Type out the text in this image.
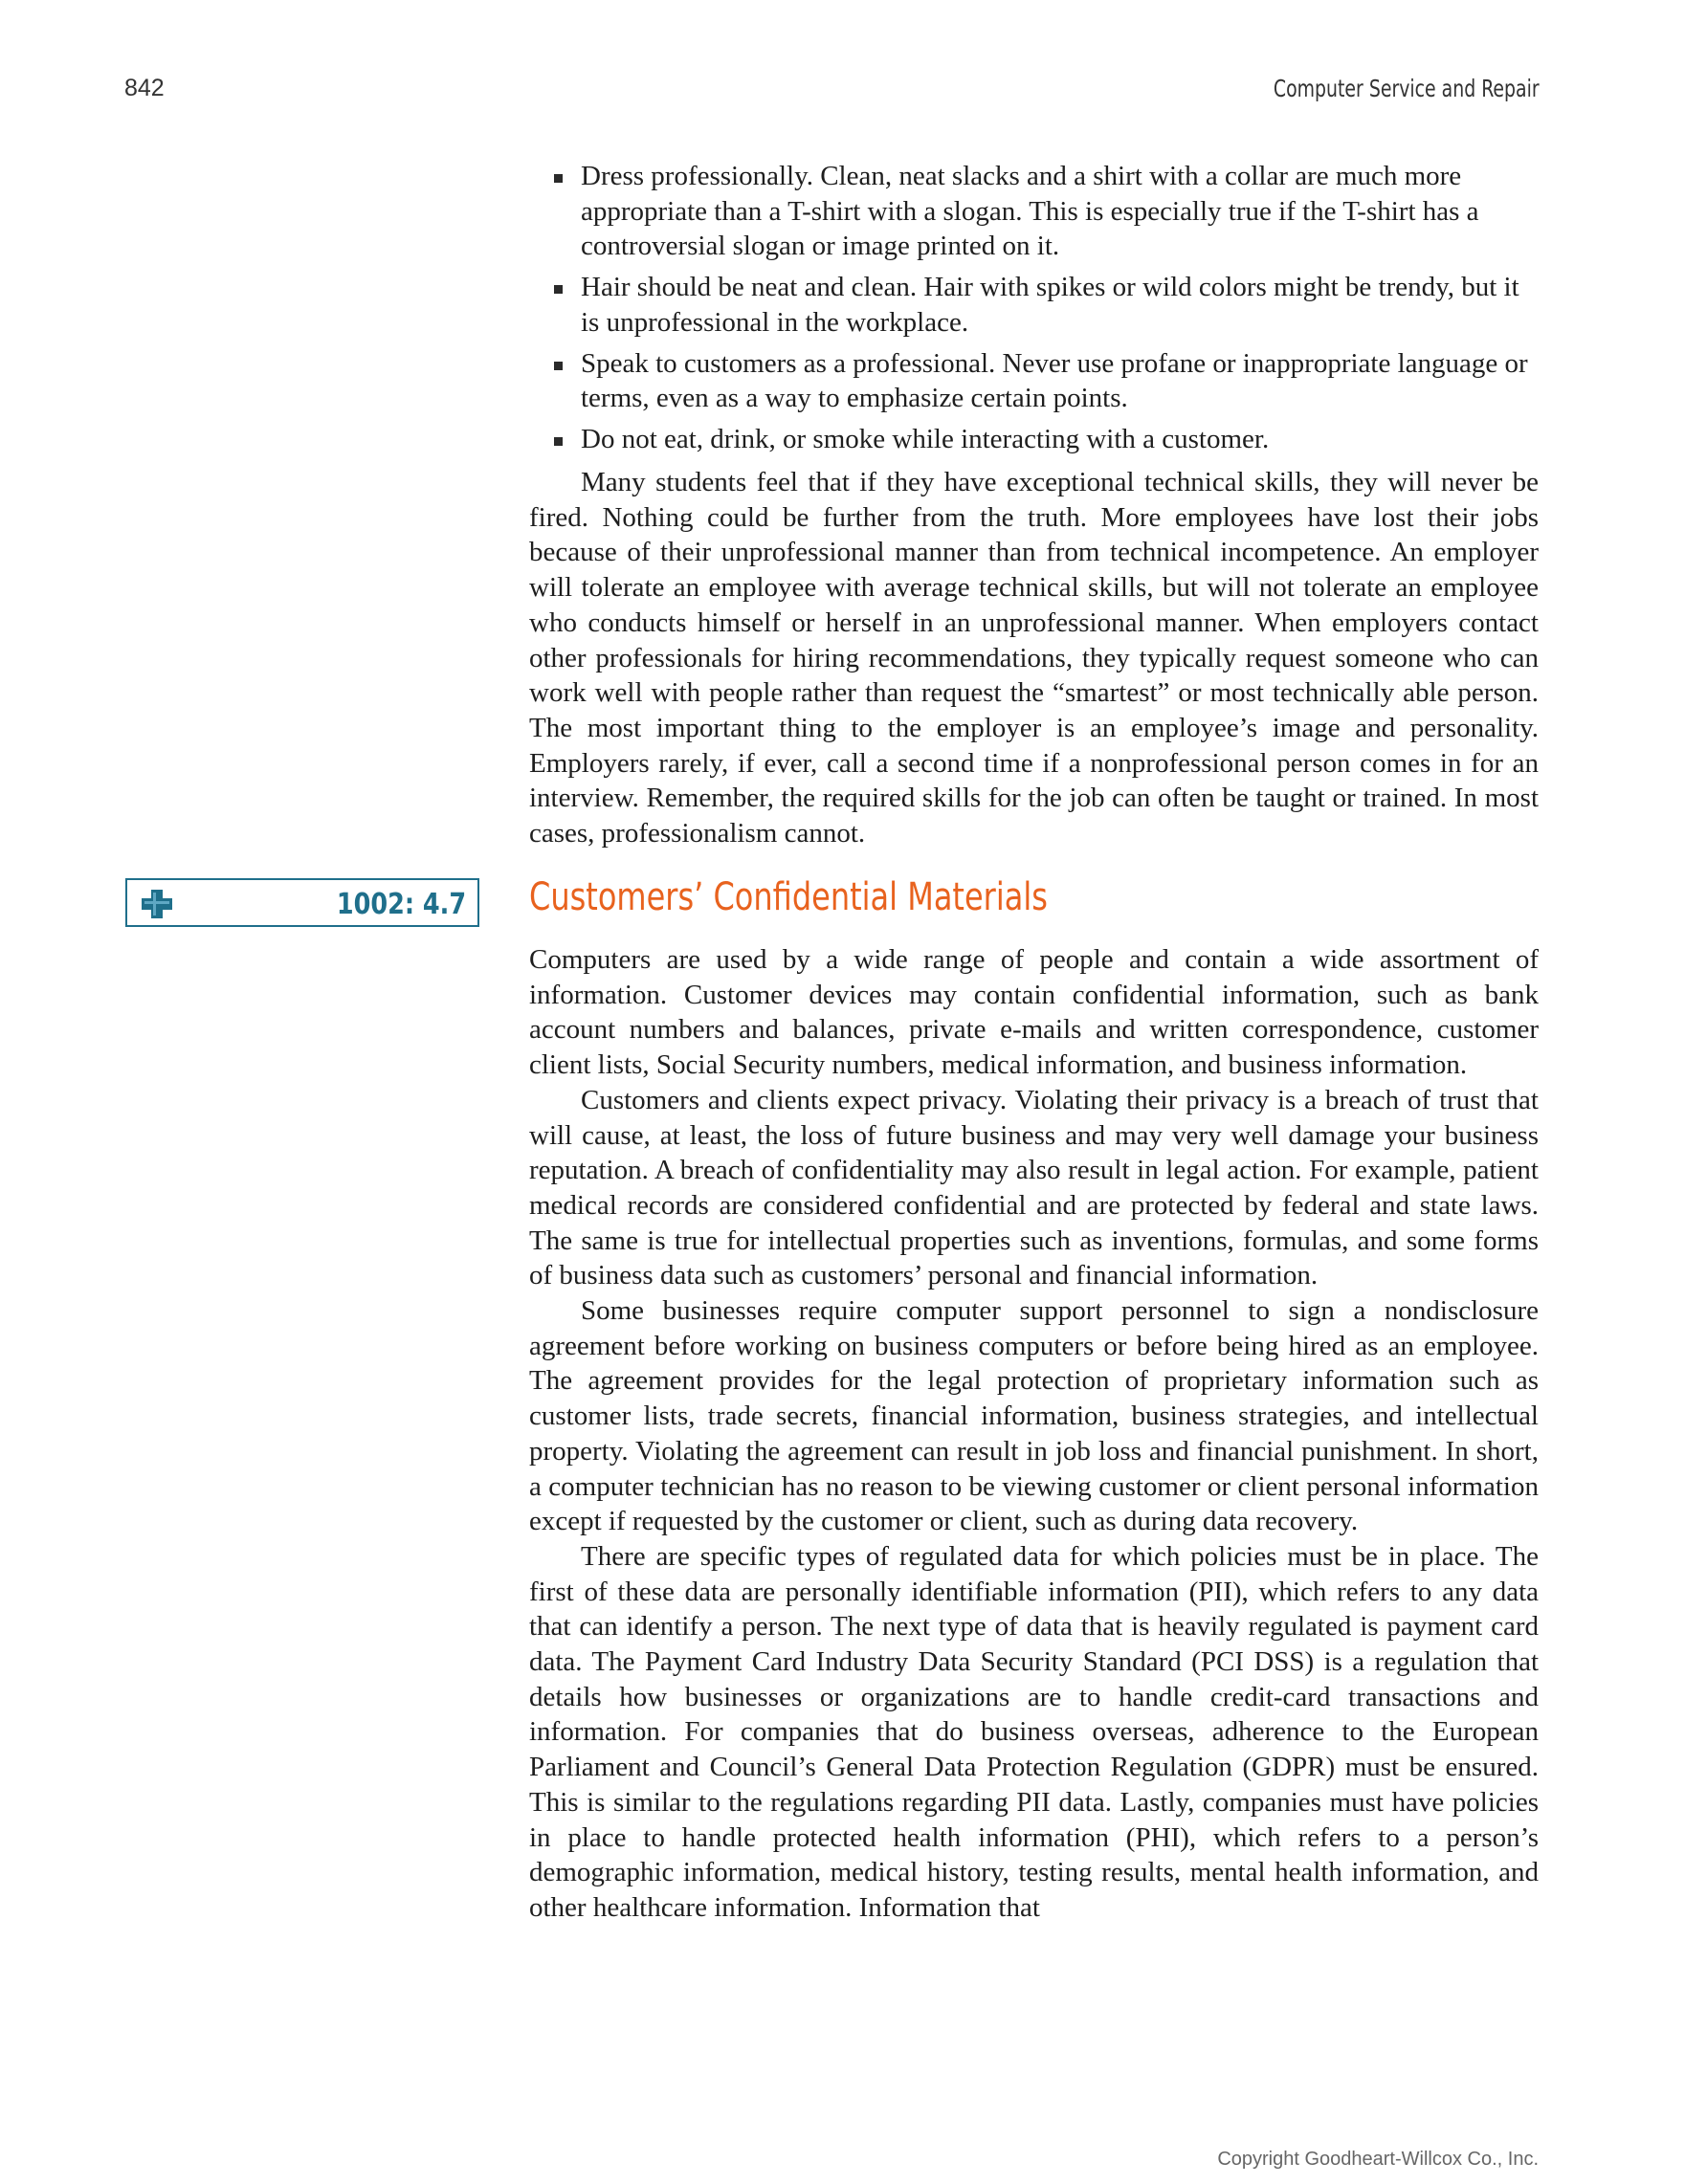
842	Computer Service and Repair
Dress professionally. Clean, neat slacks and a shirt with a collar are much more appropriate than a T-shirt with a slogan. This is especially true if the T-shirt has a controversial slogan or image printed on it.
Hair should be neat and clean. Hair with spikes or wild colors might be trendy, but it is unprofessional in the workplace.
Speak to customers as a professional. Never use profane or inappropriate language or terms, even as a way to emphasize certain points.
Do not eat, drink, or smoke while interacting with a customer.

Many students feel that if they have exceptional technical skills, they will never be fired. Nothing could be further from the truth. More employees have lost their jobs because of their unprofessional manner than from technical incompetence. An employer will tolerate an employee with average technical skills, but will not tolerate an employee who conducts himself or herself in an unprofessional manner. When employers contact other professionals for hiring recommendations, they typically request someone who can work well with people rather than request the “smartest” or most technically able person. The most important thing to the employer is an employee’s image and personality. Employers rarely, if ever, call a second time if a nonprofessional person comes in for an interview. Remember, the required skills for the job can often be taught or trained. In most cases, professionalism cannot.

1002: 4.7 Customers’ Confidential Materials

Computers are used by a wide range of people and contain a wide assortment of information. Customer devices may contain confidential information, such as bank account numbers and balances, private e-mails and written correspondence, customer client lists, Social Security numbers, medical information, and business information.

Customers and clients expect privacy. Violating their privacy is a breach of trust that will cause, at least, the loss of future business and may very well damage your business reputation. A breach of confidentiality may also result in legal action. For example, patient medical records are considered confidential and are protected by federal and state laws. The same is true for intellectual properties such as inventions, formulas, and some forms of business data such as customers’ personal and financial information.

Some businesses require computer support personnel to sign a nondisclosure agreement before working on business computers or before being hired as an employee. The agreement provides for the legal protection of proprietary information such as customer lists, trade secrets, financial information, business strategies, and intellectual property. Violating the agreement can result in job loss and financial punishment. In short, a computer technician has no reason to be viewing customer or client personal information except if requested by the customer or client, such as during data recovery.

There are specific types of regulated data for which policies must be in place. The first of these data are personally identifiable information (PII), which refers to any data that can identify a person. The next type of data that is heavily regulated is payment card data. The Payment Card Industry Data Security Standard (PCI DSS) is a regulation that details how businesses or organizations are to handle credit-card transactions and information. For companies that do business overseas, adherence to the European Parliament and Council’s General Data Protection Regulation (GDPR) must be ensured. This is similar to the regulations regarding PII data. Lastly, companies must have policies in place to handle protected health information (PHI), which refers to a person’s demographic information, medical history, testing results, mental health information, and other healthcare information. Information that

Copyright Goodheart-Willcox Co., Inc.
